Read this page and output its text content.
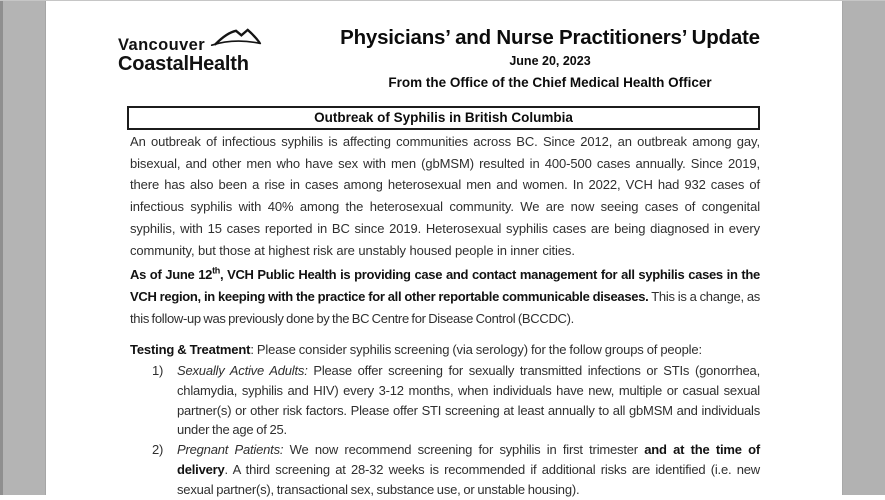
Vancouver
CoastalHealth
Physicians’ and Nurse Practitioners’ Update
June 20, 2023
From the Office of the Chief Medical Health Officer
Outbreak of Syphilis in British Columbia

An outbreak of infectious syphilis is affecting communities across BC. Since 2012, an outbreak among gay, bisexual, and other men who have sex with men (gbMSM) resulted in 400-500 cases annually. Since 2019, there has also been a rise in cases among heterosexual men and women. In 2022, VCH had 932 cases of infectious syphilis with 40% among the heterosexual community. We are now seeing cases of congenital syphilis, with 15 cases reported in BC since 2019. Heterosexual syphilis cases are being diagnosed in every community, but those at highest risk are unstably housed people in inner cities.

As of June 12th, VCH Public Health is providing case and contact management for all syphilis cases in the VCH region, in keeping with the practice for all other reportable communicable diseases. This is a change, as this follow-up was previously done by the BC Centre for Disease Control (BCCDC).

Testing & Treatment: Please consider syphilis screening (via serology) for the follow groups of people:

1) Sexually Active Adults: Please offer screening for sexually transmitted infections or STIs (gonorrhea, chlamydia, syphilis and HIV) every 3-12 months, when individuals have new, multiple or casual sexual partner(s) or other risk factors. Please offer STI screening at least annually to all gbMSM and individuals under the age of 25.
2) Pregnant Patients: We now recommend screening for syphilis in first trimester and at the time of delivery. A third screening at 28-32 weeks is recommended if additional risks are identified (i.e. new sexual partner(s), transactional sex, substance use, or unstable housing).
